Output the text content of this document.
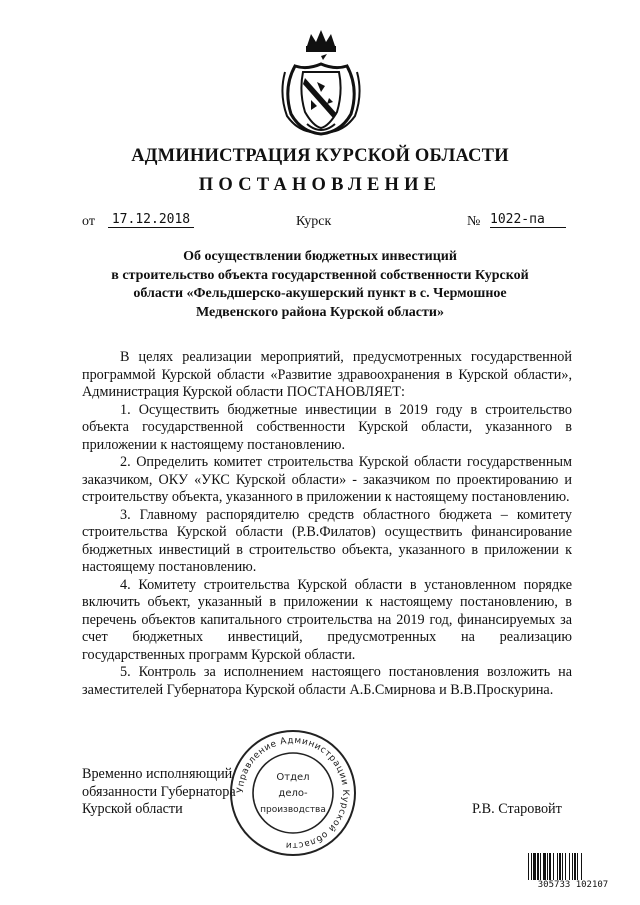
АДМИНИСТРАЦИЯ КУРСКОЙ ОБЛАСТИ
ПОСТАНОВЛЕНИЕ
от 17.12.2018	Курск	№ 1022-па
Об осуществлении бюджетных инвестиций
в строительство объекта государственной собственности Курской
области «Фельдшерско-акушерский пункт в с. Чермошное
Медвенского района Курской области»

В целях реализации мероприятий, предусмотренных государственной программой Курской области «Развитие здравоохранения в Курской области», Администрация Курской области ПОСТАНОВЛЯЕТ:

1. Осуществить бюджетные инвестиции в 2019 году в строительство объекта государственной собственности Курской области, указанного в приложении к настоящему постановлению.

2. Определить комитет строительства Курской области государственным заказчиком, ОКУ «УКС Курской области» - заказчиком по проектированию и строительству объекта, указанного в приложении к настоящему постановлению.

3. Главному распорядителю средств областного бюджета – комитету строительства Курской области (Р.В.Филатов) осуществить финансирование бюджетных инвестиций в строительство объекта, указанного в приложении к настоящему постановлению.

4. Комитету строительства Курской области в установленном порядке включить объект, указанный в приложении к настоящему постановлению, в перечень объектов капитального строительства на 2019 год, финансируемых за счет бюджетных инвестиций, предусмотренных на реализацию государственных программ Курской области.

5. Контроль за исполнением настоящего постановления возложить на заместителей Губернатора Курской области А.Б.Смирнова и В.В.Проскурина.

Временно исполняющий
обязанности Губернатора
Курской области	Р.В. Старовойт
Управление Администрации Курской области
Отдел
дело-
производства
305733 102107
